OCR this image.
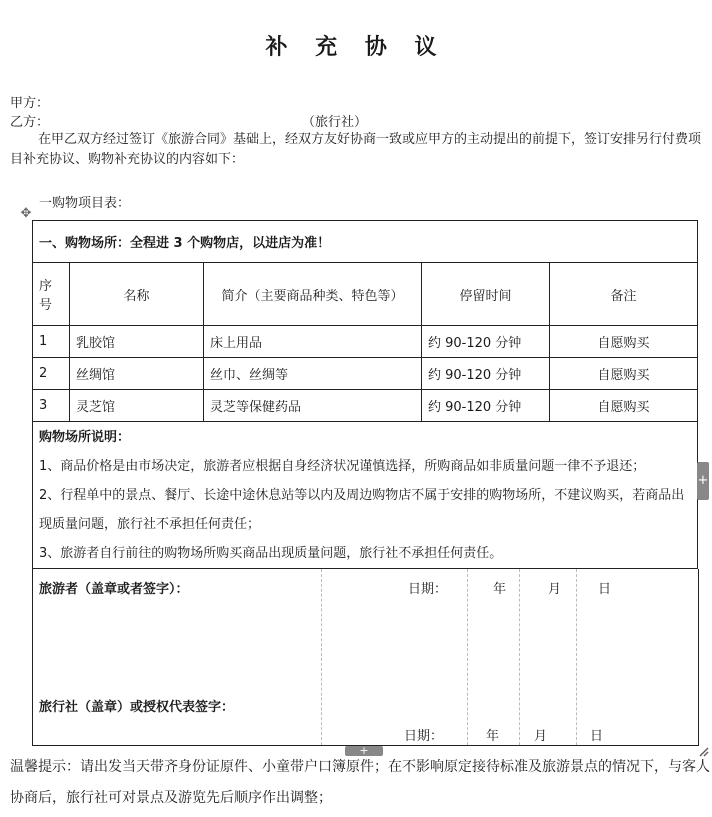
补 充 协 议
甲方：
乙方：	（旅行社）
在甲乙双方经过签订《旅游合同》基础上，经双方友好协商一致或应甲方的主动提出的前提下，签订安排另行付费项目补充协议、购物补充协议的内容如下：
一购物项目表：
✥
一、购物场所：全程进 3 个购物店，以进店为准！				
序号	名称	简介（主要商品种类、特色等）	停留时间	备注
1	乳胶馆	床上用品	约 90-120 分钟	自愿购买
2	丝绸馆	丝巾、丝绸等	约 90-120 分钟	自愿购买
3	灵芝馆	灵芝等保健药品	约 90-120 分钟	自愿购买

购物场所说明：
1、商品价格是由市场决定，旅游者应根据自身经济状况谨慎选择，所购商品如非质量问题一律不予退还；
2、行程单中的景点、餐厅、长途中途休息站等以内及周边购物店不属于安排的购物场所，不建议购买，若商品出现质量问题，旅行社不承担任何责任；
3、旅游者自行前往的购物场所购买商品出现质量问题，旅行社不承担任何责任。				
旅游者（盖章或者签字）：	日期：	年	月	日
旅行社（盖章）或授权代表签字：
日期：	年	月	日
+
+
温馨提示：请出发当天带齐身份证原件、小童带户口簿原件；在不影响原定接待标准及旅游景点的情况下，与客人协商后，旅行社可对景点及游览先后顺序作出调整；
